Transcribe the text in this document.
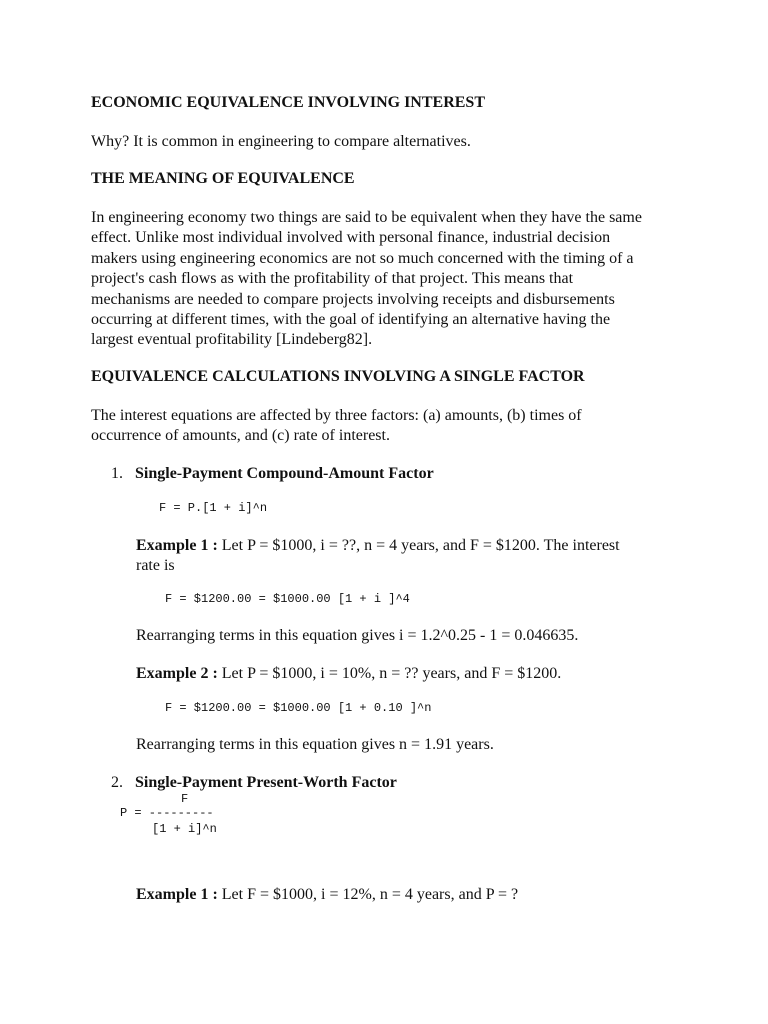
ECONOMIC EQUIVALENCE INVOLVING INTEREST
Why? It is common in engineering to compare alternatives.
THE MEANING OF EQUIVALENCE
In engineering economy two things are said to be equivalent when they have the same
effect. Unlike most individual involved with personal finance, industrial decision
makers using engineering economics are not so much concerned with the timing of a
project's cash flows as with the profitability of that project. This means that
mechanisms are needed to compare projects involving receipts and disbursements
occurring at different times, with the goal of identifying an alternative having the
largest eventual profitability [Lindeberg82].
EQUIVALENCE CALCULATIONS INVOLVING A SINGLE FACTOR
The interest equations are affected by three factors: (a) amounts, (b) times of
occurrence of amounts, and (c) rate of interest.
1. Single-Payment Compound-Amount Factor
F = P.[1 + i]^n
Example 1 : Let P = $1000, i = ??, n = 4 years, and F = $1200. The interest
rate is
F = $1200.00 = $1000.00 [1 + i ]^4
Rearranging terms in this equation gives i = 1.2^0.25 - 1 = 0.046635.
Example 2 : Let P = $1000, i = 10%, n = ?? years, and F = $1200.
F = $1200.00 = $1000.00 [1 + 0.10 ]^n
Rearranging terms in this equation gives n = 1.91 years.
2. Single-Payment Present-Worth Factor
F
P = ---------
[1 + i]^n
Example 1 : Let F = $1000, i = 12%, n = 4 years, and P = ?
